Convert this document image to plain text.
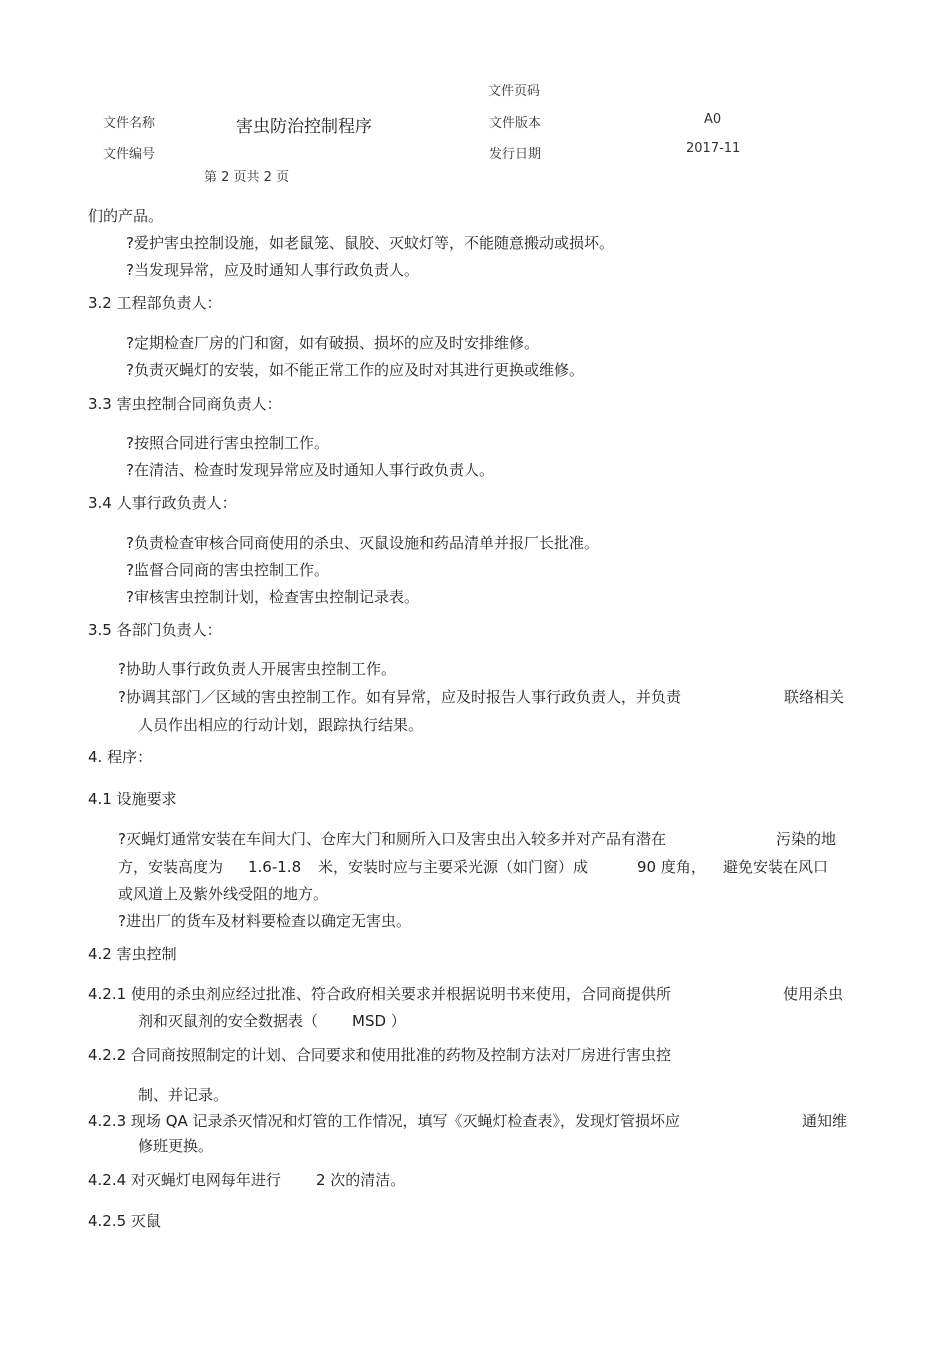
文件页码
文件名称	害虫防治控制程序	文件版本	A0
文件编号	发行日期	2017-11
第 2 页共 2 页
们的产品。
?爱护害虫控制设施，如老鼠笼、鼠胶、灭蚊灯等，不能随意搬动或损坏。
?当发现异常，应及时通知人事行政负责人。
3.2 工程部负责人：
?定期检查厂房的门和窗，如有破损、损坏的应及时安排维修。
?负责灭蝇灯的安装，如不能正常工作的应及时对其进行更换或维修。
3.3 害虫控制合同商负责人：
?按照合同进行害虫控制工作。
?在清洁、检查时发现异常应及时通知人事行政负责人。
3.4 人事行政负责人：
?负责检查审核合同商使用的杀虫、灭鼠设施和药品清单并报厂长批准。
?监督合同商的害虫控制工作。
?审核害虫控制计划，检查害虫控制记录表。
3.5 各部门负责人：
?协助人事行政负责人开展害虫控制工作。
?协调其部门／区域的害虫控制工作。如有异常，应及时报告人事行政负责人，并负责	联络相关
人员作出相应的行动计划，跟踪执行结果。
4. 程序：
4.1 设施要求
?灭蝇灯通常安装在车间大门、仓库大门和厕所入口及害虫出入较多并对产品有潜在	污染的地
方，安装高度为 1.6-1.8 米，安装时应与主要采光源（如门窗）成	90 度角， 避免安装在风口
或风道上及紫外线受阻的地方。
?进出厂的货车及材料要检查以确定无害虫。
4.2 害虫控制
4.2.1 使用的杀虫剂应经过批准、符合政府相关要求并根据说明书来使用，合同商提供所	使用杀虫
剂和灭鼠剂的安全数据表（ MSD ）
4.2.2 合同商按照制定的计划、合同要求和使用批准的药物及控制方法对厂房进行害虫控
制、并记录。
4.2.3 现场 QA 记录杀灭情况和灯管的工作情况，填写《灭蝇灯检查表》，发现灯管损坏应	通知维
修班更换。
4.2.4 对灭蝇灯电网每年进行 2 次的清洁。
4.2.5 灭鼠
